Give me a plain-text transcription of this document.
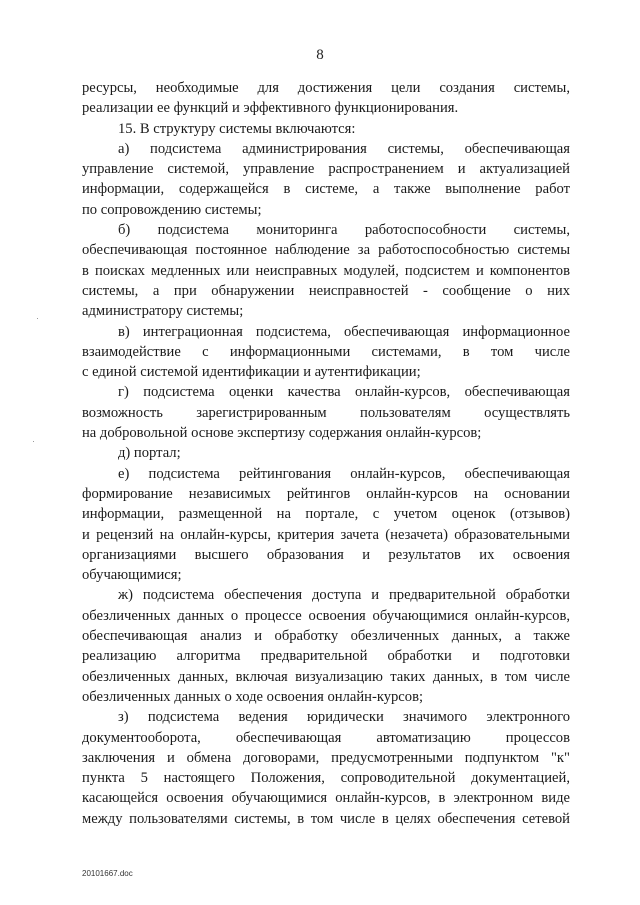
8
ресурсы, необходимые для достижения цели создания системы,
реализации ее функций и эффективного функционирования.
15. В структуру системы включаются:
а) подсистема администрирования системы, обеспечивающая
управление системой, управление распространением и актуализацией
информации, содержащейся в системе, а также выполнение работ
по сопровождению системы;
б) подсистема мониторинга работоспособности системы,
обеспечивающая постоянное наблюдение за работоспособностью системы
в поисках медленных или неисправных модулей, подсистем и компонентов
системы, а при обнаружении неисправностей - сообщение о них
администратору системы;
в) интеграционная подсистема, обеспечивающая информационное
взаимодействие с информационными системами, в том числе
с единой системой идентификации и аутентификации;
г) подсистема оценки качества онлайн-курсов, обеспечивающая
возможность зарегистрированным пользователям осуществлять
на добровольной основе экспертизу содержания онлайн-курсов;
д) портал;
е) подсистема рейтингования онлайн-курсов, обеспечивающая
формирование независимых рейтингов онлайн-курсов на основании
информации, размещенной на портале, с учетом оценок (отзывов)
и рецензий на онлайн-курсы, критерия зачета (незачета) образовательными
организациями высшего образования и результатов их освоения
обучающимися;
ж) подсистема обеспечения доступа и предварительной обработки
обезличенных данных о процессе освоения обучающимися онлайн-курсов,
обеспечивающая анализ и обработку обезличенных данных, а также
реализацию алгоритма предварительной обработки и подготовки
обезличенных данных, включая визуализацию таких данных, в том числе
обезличенных данных о ходе освоения онлайн-курсов;
з) подсистема ведения юридически значимого электронного
документооборота, обеспечивающая автоматизацию процессов
заключения и обмена договорами, предусмотренными подпунктом "к"
пункта 5 настоящего Положения, сопроводительной документацией,
касающейся освоения обучающимися онлайн-курсов, в электронном виде
между пользователями системы, в том числе в целях обеспечения сетевой
20101667.doc
